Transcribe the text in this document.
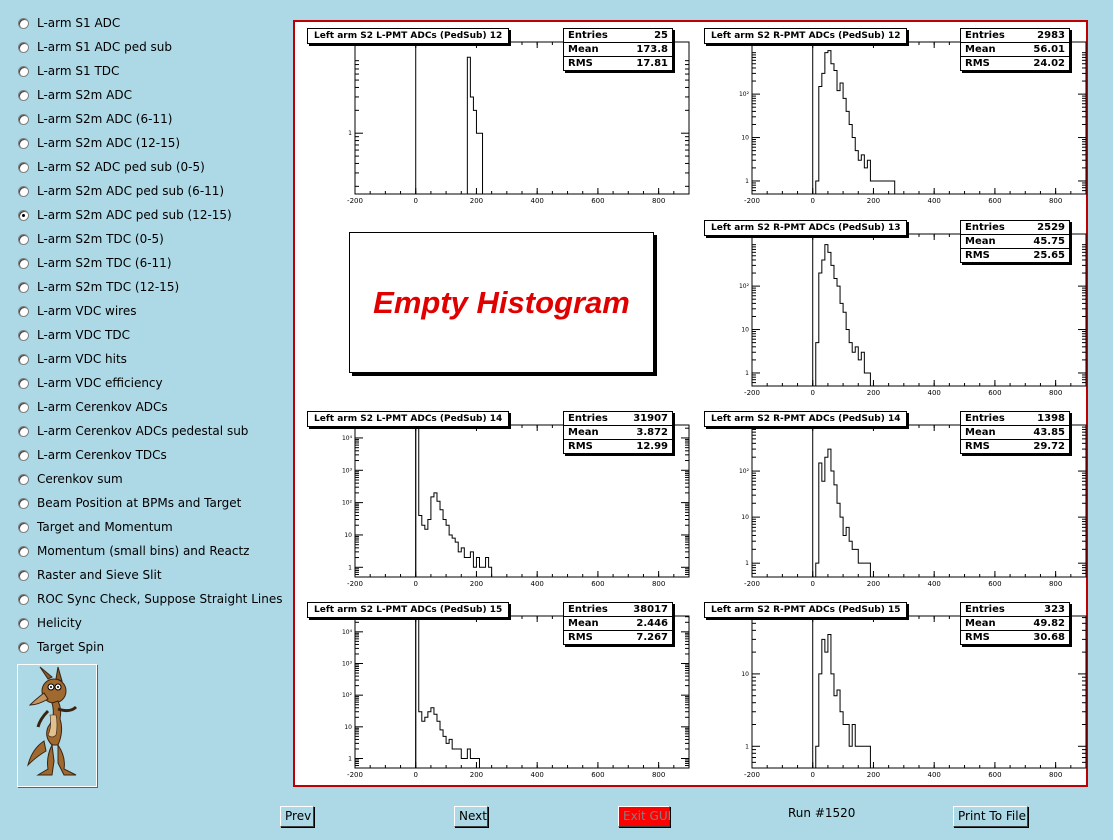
L-arm S1 ADC
L-arm S1 ADC ped sub
L-arm S1 TDC
L-arm S2m ADC
L-arm S2m ADC (6-11)
L-arm S2m ADC (12-15)
L-arm S2 ADC ped sub (0-5)
L-arm S2m ADC ped sub (6-11)
L-arm S2m ADC ped sub (12-15)
L-arm S2m TDC (0-5)
L-arm S2m TDC (6-11)
L-arm S2m TDC (12-15)
L-arm VDC wires
L-arm VDC TDC
L-arm VDC hits
L-arm VDC efficiency
L-arm Cerenkov ADCs
L-arm Cerenkov ADCs pedestal sub
L-arm Cerenkov TDCs
Cerenkov sum
Beam Position at BPMs and Target
Target and Momentum
Momentum (small bins) and Reactz
Raster and Sieve Slit
ROC Sync Check, Suppose Straight Lines
Helicity
Target Spin
-200	0	200	400	600	800
1
Left arm S2 L-PMT ADCs (PedSub) 12	Entries	25
Mean	173.8
RMS	17.81
-200	0	200	400	600	800
1
10
10²
Left arm S2 R-PMT ADCs (PedSub) 12	Entries	2983
Mean	56.01
RMS	24.02
Empty Histogram
-200	0	200	400	600	800
1
10
10²
Left arm S2 R-PMT ADCs (PedSub) 13	Entries	2529
Mean	45.75
RMS	25.65
-200	0	200	400	600	800
1
10
10²
10³
10⁴
Left arm S2 L-PMT ADCs (PedSub) 14	Entries	31907
Mean	3.872
RMS	12.99
-200	0	200	400	600	800
1
10
10²
Left arm S2 R-PMT ADCs (PedSub) 14	Entries	1398
Mean	43.85
RMS	29.72
-200	0	200	400	600	800
1
10
10²
10³
10⁴
Left arm S2 L-PMT ADCs (PedSub) 15	Entries	38017
Mean	2.446
RMS	7.267
-200	0	200	400	600	800
1
10
Left arm S2 R-PMT ADCs (PedSub) 15	Entries	323
Mean	49.82
RMS	30.68
Prev	Next	Exit GUI	Run #1520	Print To File
